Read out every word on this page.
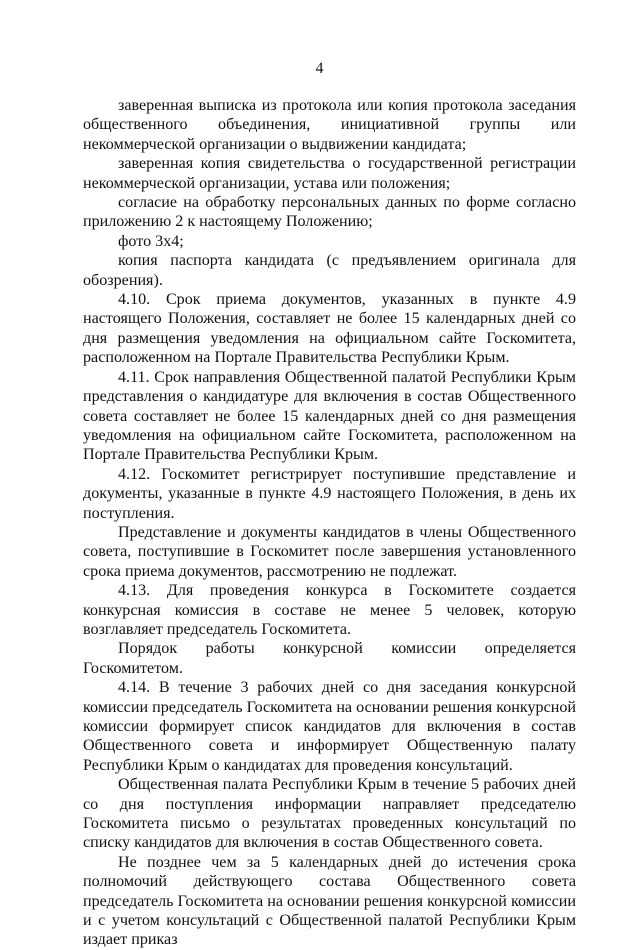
4

заверенная выписка из протокола или копия протокола заседания общественного объединения, инициативной группы или некоммерческой организации о выдвижении кандидата;

заверенная копия свидетельства о государственной регистрации некоммерческой организации, устава или положения;

согласие на обработку персональных данных по форме согласно приложению 2 к настоящему Положению;

фото 3х4;

копия паспорта кандидата (с предъявлением оригинала для обозрения).

4.10. Срок приема документов, указанных в пункте 4.9 настоящего Положения, составляет не более 15 календарных дней со дня размещения уведомления на официальном сайте Госкомитета, расположенном на Портале Правительства Республики Крым.

4.11. Срок направления Общественной палатой Республики Крым представления о кандидатуре для включения в состав Общественного совета составляет не более 15 календарных дней со дня размещения уведомления на официальном сайте Госкомитета, расположенном на Портале Правительства Республики Крым.

4.12. Госкомитет регистрирует поступившие представление и документы, указанные в пункте 4.9 настоящего Положения, в день их поступления.

Представление и документы кандидатов в члены Общественного совета, поступившие в Госкомитет после завершения установленного срока приема документов, рассмотрению не подлежат.

4.13. Для проведения конкурса в Госкомитете создается конкурсная комиссия в составе не менее 5 человек, которую возглавляет председатель Госкомитета.

Порядок работы конкурсной комиссии определяется Госкомитетом.

4.14. В течение 3 рабочих дней со дня заседания конкурсной комиссии председатель Госкомитета на основании решения конкурсной комиссии формирует список кандидатов для включения в состав Общественного совета и информирует Общественную палату Республики Крым о кандидатах для проведения консультаций.

Общественная палата Республики Крым в течение 5 рабочих дней со дня поступления информации направляет председателю Госкомитета письмо о результатах проведенных консультаций по списку кандидатов для включения в состав Общественного совета.

Не позднее чем за 5 календарных дней до истечения срока полномочий действующего состава Общественного совета председатель Госкомитета на основании решения конкурсной комиссии и с учетом консультаций с Общественной палатой Республики Крым издает приказ
